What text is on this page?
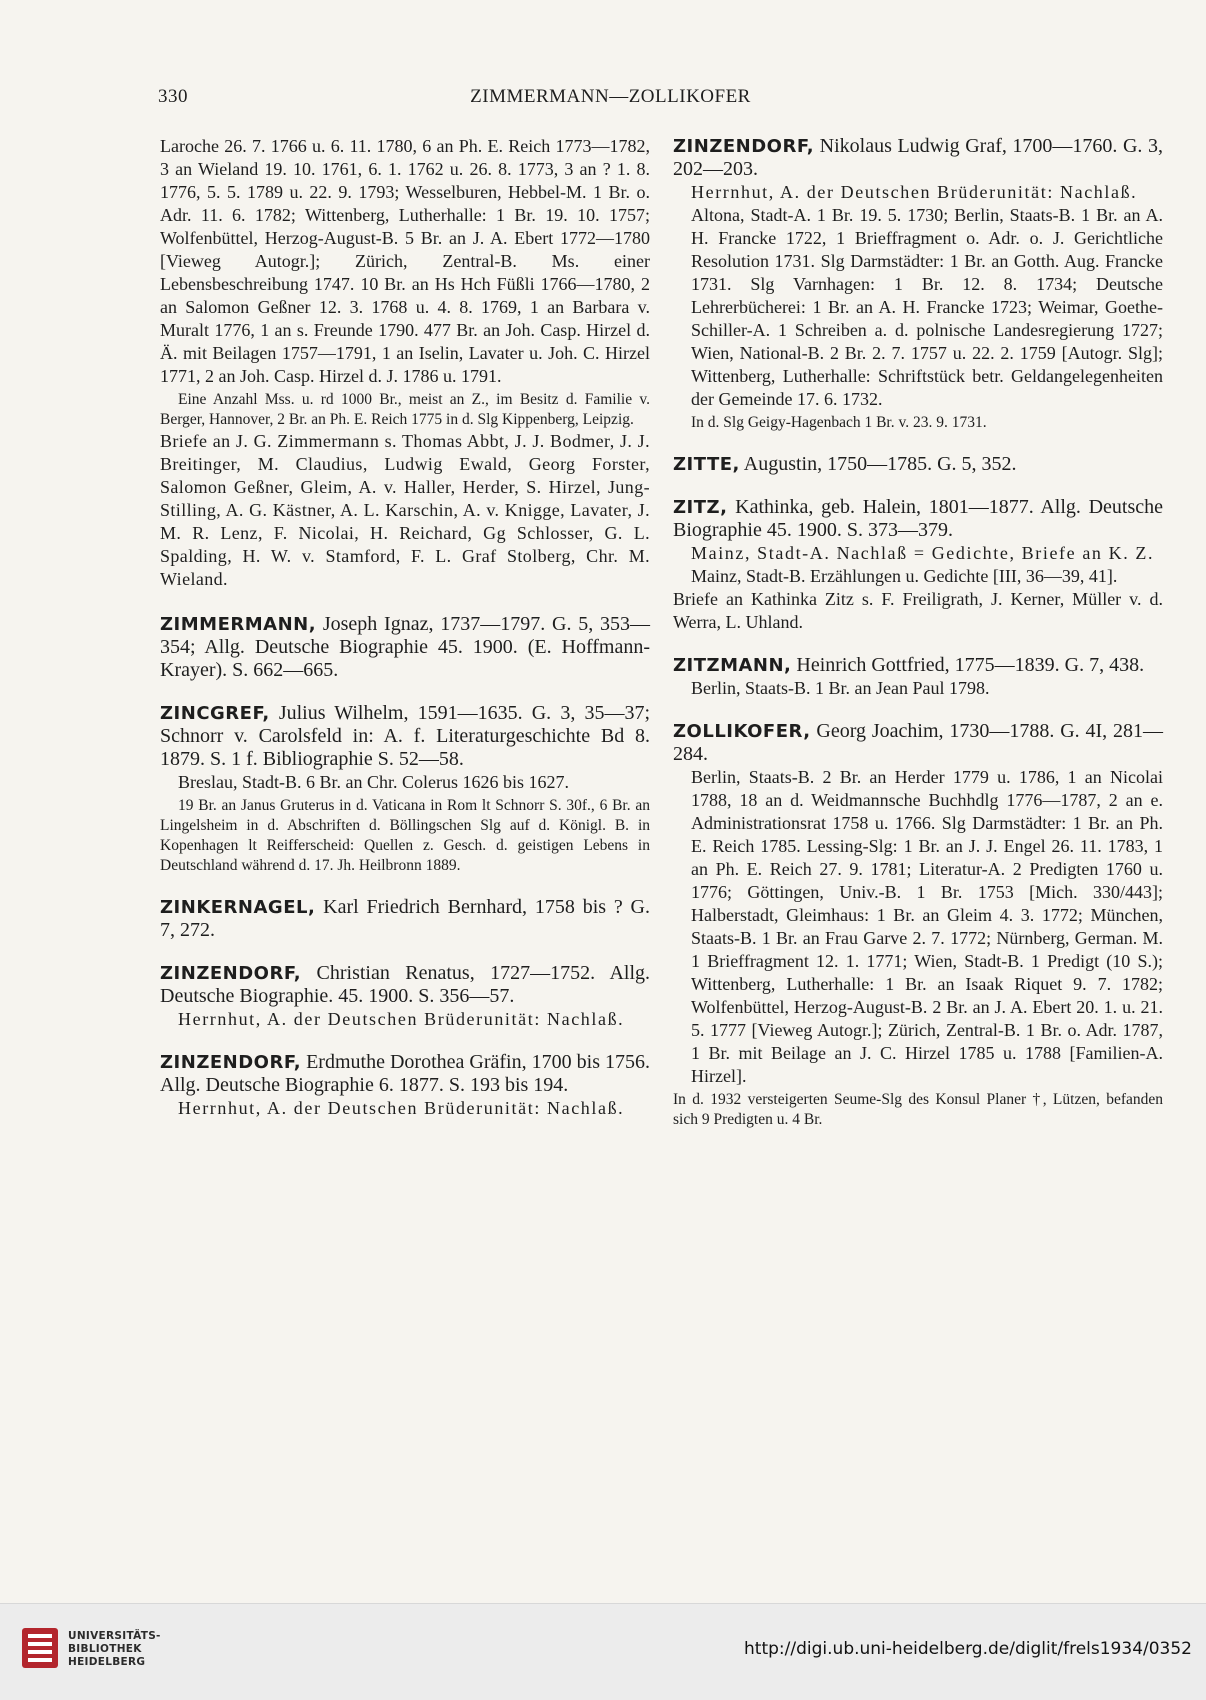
330	ZIMMERMANN—ZOLLIKOFER
Laroche 26. 7. 1766 u. 6. 11. 1780, 6 an Ph. E. Reich 1773—1782, 3 an Wieland 19. 10. 1761, 6. 1. 1762 u. 26. 8. 1773, 3 an ? 1. 8. 1776, 5. 5. 1789 u. 22. 9. 1793; Wesselburen, Hebbel-M. 1 Br. o. Adr. 11. 6. 1782; Wittenberg, Lutherhalle: 1 Br. 19. 10. 1757; Wolfenbüttel, Herzog-August-B. 5 Br. an J. A. Ebert 1772—1780 [Vieweg Autogr.]; Zürich, Zentral-B. Ms. einer Lebensbeschreibung 1747. 10 Br. an Hs Hch Füßli 1766—1780, 2 an Salomon Geßner 12. 3. 1768 u. 4. 8. 1769, 1 an Barbara v. Muralt 1776, 1 an s. Freunde 1790. 477 Br. an Joh. Casp. Hirzel d. Ä. mit Beilagen 1757—1791, 1 an Iselin, Lavater u. Joh. C. Hirzel 1771, 2 an Joh. Casp. Hirzel d. J. 1786 u. 1791.
Eine Anzahl Mss. u. rd 1000 Br., meist an Z., im Besitz d. Familie v. Berger, Hannover, 2 Br. an Ph. E. Reich 1775 in d. Slg Kippenberg, Leipzig.
Briefe an J. G. Zimmermann s. Thomas Abbt, J. J. Bodmer, J. J. Breitinger, M. Claudius, Ludwig Ewald, Georg Forster, Salomon Geßner, Gleim, A. v. Haller, Herder, S. Hirzel, Jung-Stilling, A. G. Kästner, A. L. Karschin, A. v. Knigge, Lavater, J. M. R. Lenz, F. Nicolai, H. Reichard, Gg Schlosser, G. L. Spalding, H. W. v. Stamford, F. L. Graf Stolberg, Chr. M. Wieland.
ZIMMERMANN, Joseph Ignaz, 1737—1797. G. 5, 353—354; Allg. Deutsche Biographie 45. 1900. (E. Hoffmann-Krayer). S. 662—665.
ZINCGREF, Julius Wilhelm, 1591—1635. G. 3, 35—37; Schnorr v. Carolsfeld in: A. f. Literaturgeschichte Bd 8. 1879. S. 1 f. Bibliographie S. 52—58.
Breslau, Stadt-B. 6 Br. an Chr. Colerus 1626 bis 1627.
19 Br. an Janus Gruterus in d. Vaticana in Rom lt Schnorr S. 30f., 6 Br. an Lingelsheim in d. Abschriften d. Böllingschen Slg auf d. Königl. B. in Kopenhagen lt Reifferscheid: Quellen z. Gesch. d. geistigen Lebens in Deutschland während d. 17. Jh. Heilbronn 1889.
ZINKERNAGEL, Karl Friedrich Bernhard, 1758 bis ? G. 7, 272.
ZINZENDORF, Christian Renatus, 1727—1752. Allg. Deutsche Biographie. 45. 1900. S. 356—57.
Herrnhut, A. der Deutschen Brüderunität: Nachlaß.
ZINZENDORF, Erdmuthe Dorothea Gräfin, 1700 bis 1756. Allg. Deutsche Biographie 6. 1877. S. 193 bis 194.
Herrnhut, A. der Deutschen Brüderunität: Nachlaß.
ZINZENDORF, Nikolaus Ludwig Graf, 1700—1760. G. 3, 202—203.
Herrnhut, A. der Deutschen Brüderunität: Nachlaß.
Altona, Stadt-A. 1 Br. 19. 5. 1730; Berlin, Staats-B. 1 Br. an A. H. Francke 1722, 1 Brieffragment o. Adr. o. J. Gerichtliche Resolution 1731. Slg Darmstädter: 1 Br. an Gotth. Aug. Francke 1731. Slg Varnhagen: 1 Br. 12. 8. 1734; Deutsche Lehrerbücherei: 1 Br. an A. H. Francke 1723; Weimar, Goethe-Schiller-A. 1 Schreiben a. d. polnische Landesregierung 1727; Wien, National-B. 2 Br. 2. 7. 1757 u. 22. 2. 1759 [Autogr. Slg]; Wittenberg, Lutherhalle: Schriftstück betr. Geldangelegenheiten der Gemeinde 17. 6. 1732.
In d. Slg Geigy-Hagenbach 1 Br. v. 23. 9. 1731.
ZITTE, Augustin, 1750—1785. G. 5, 352.
ZITZ, Kathinka, geb. Halein, 1801—1877. Allg. Deutsche Biographie 45. 1900. S. 373—379.
Mainz, Stadt-A. Nachlaß = Gedichte, Briefe an K. Z.
Mainz, Stadt-B. Erzählungen u. Gedichte [III, 36—39, 41].
Briefe an Kathinka Zitz s. F. Freiligrath, J. Kerner, Müller v. d. Werra, L. Uhland.
ZITZMANN, Heinrich Gottfried, 1775—1839. G. 7, 438.
Berlin, Staats-B. 1 Br. an Jean Paul 1798.
ZOLLIKOFER, Georg Joachim, 1730—1788. G. 4I, 281—284.
Berlin, Staats-B. 2 Br. an Herder 1779 u. 1786, 1 an Nicolai 1788, 18 an d. Weidmannsche Buchhdlg 1776—1787, 2 an e. Administrationsrat 1758 u. 1766. Slg Darmstädter: 1 Br. an Ph. E. Reich 1785. Lessing-Slg: 1 Br. an J. J. Engel 26. 11. 1783, 1 an Ph. E. Reich 27. 9. 1781; Literatur-A. 2 Predigten 1760 u. 1776; Göttingen, Univ.-B. 1 Br. 1753 [Mich. 330/443]; Halberstadt, Gleimhaus: 1 Br. an Gleim 4. 3. 1772; München, Staats-B. 1 Br. an Frau Garve 2. 7. 1772; Nürnberg, German. M. 1 Brieffragment 12. 1. 1771; Wien, Stadt-B. 1 Predigt (10 S.); Wittenberg, Lutherhalle: 1 Br. an Isaak Riquet 9. 7. 1782; Wolfenbüttel, Herzog-August-B. 2 Br. an J. A. Ebert 20. 1. u. 21. 5. 1777 [Vieweg Autogr.]; Zürich, Zentral-B. 1 Br. o. Adr. 1787, 1 Br. mit Beilage an J. C. Hirzel 1785 u. 1788 [Familien-A. Hirzel].
In d. 1932 versteigerten Seume-Slg des Konsul Planer †, Lützen, befanden sich 9 Predigten u. 4 Br.
UNIVERSITÄTS-
BIBLIOTHEK
HEIDELBERG
http://digi.ub.uni-heidelberg.de/diglit/frels1934/0352
